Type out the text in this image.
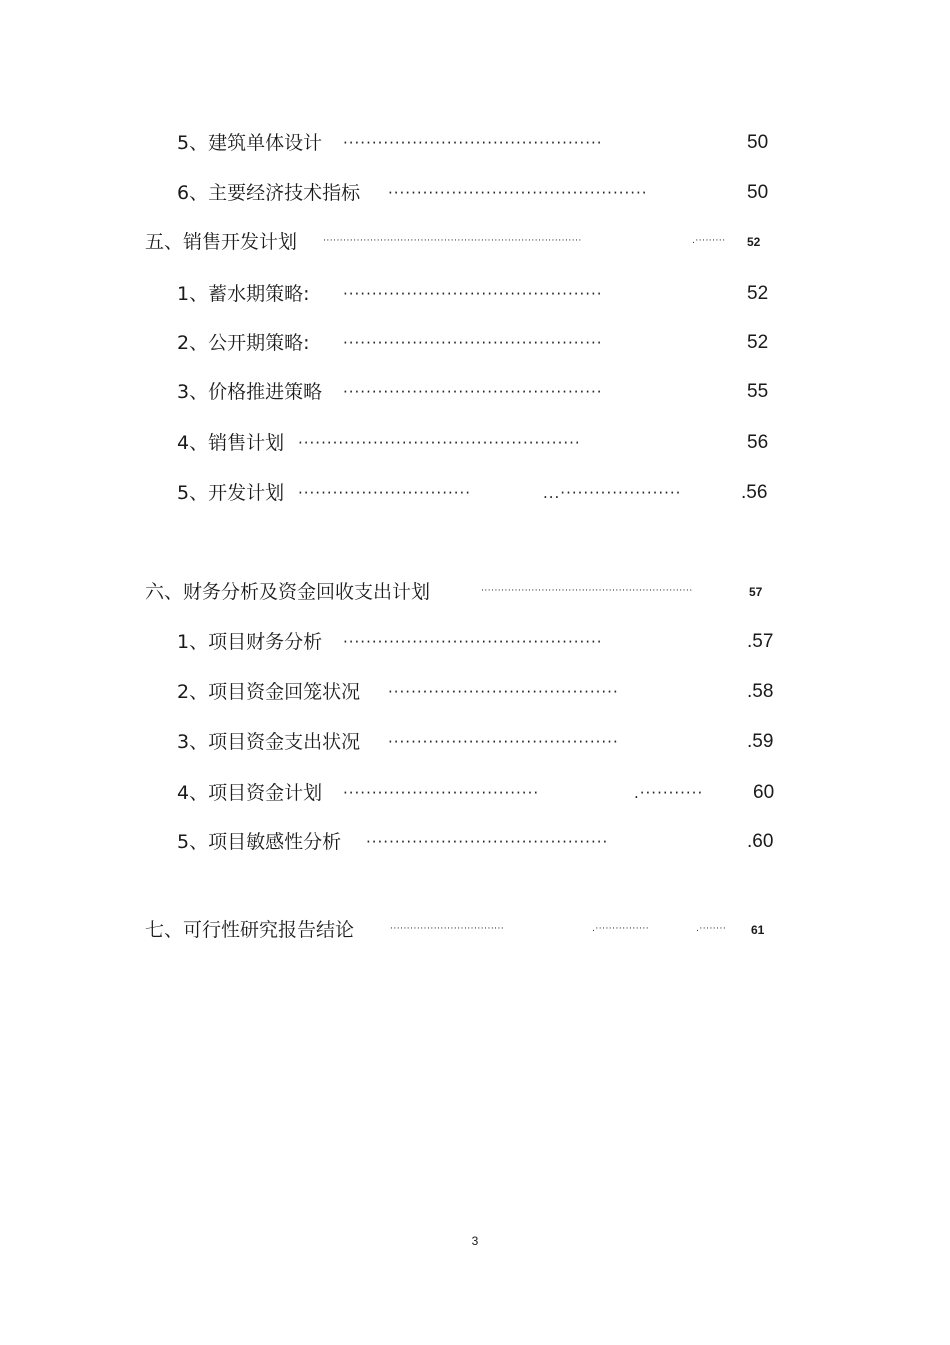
5、建筑单体设计 ·············································	50
6、主要经济技术指标 ·············································	50
五、销售开发计划	·············································································	.·········	52
1、蓄水期策略: ·············································	52
2、公开期策略: ·············································	52
3、价格推进策略 ·············································	55
4、销售计划 ·················································	56
5、开发计划 ······························	...·····················	.56
六、财务分析及资金回收支出计划	·······························································	57
1、项目财务分析 ·············································	.57
2、项目资金回笼状况 ········································	.58
3、项目资金支出状况 ········································	.59
4、项目资金计划 ··································	.···········	60
5、项目敏感性分析 ··········································	.60
七、可行性研究报告结论	··································	.················	.········	61
3
